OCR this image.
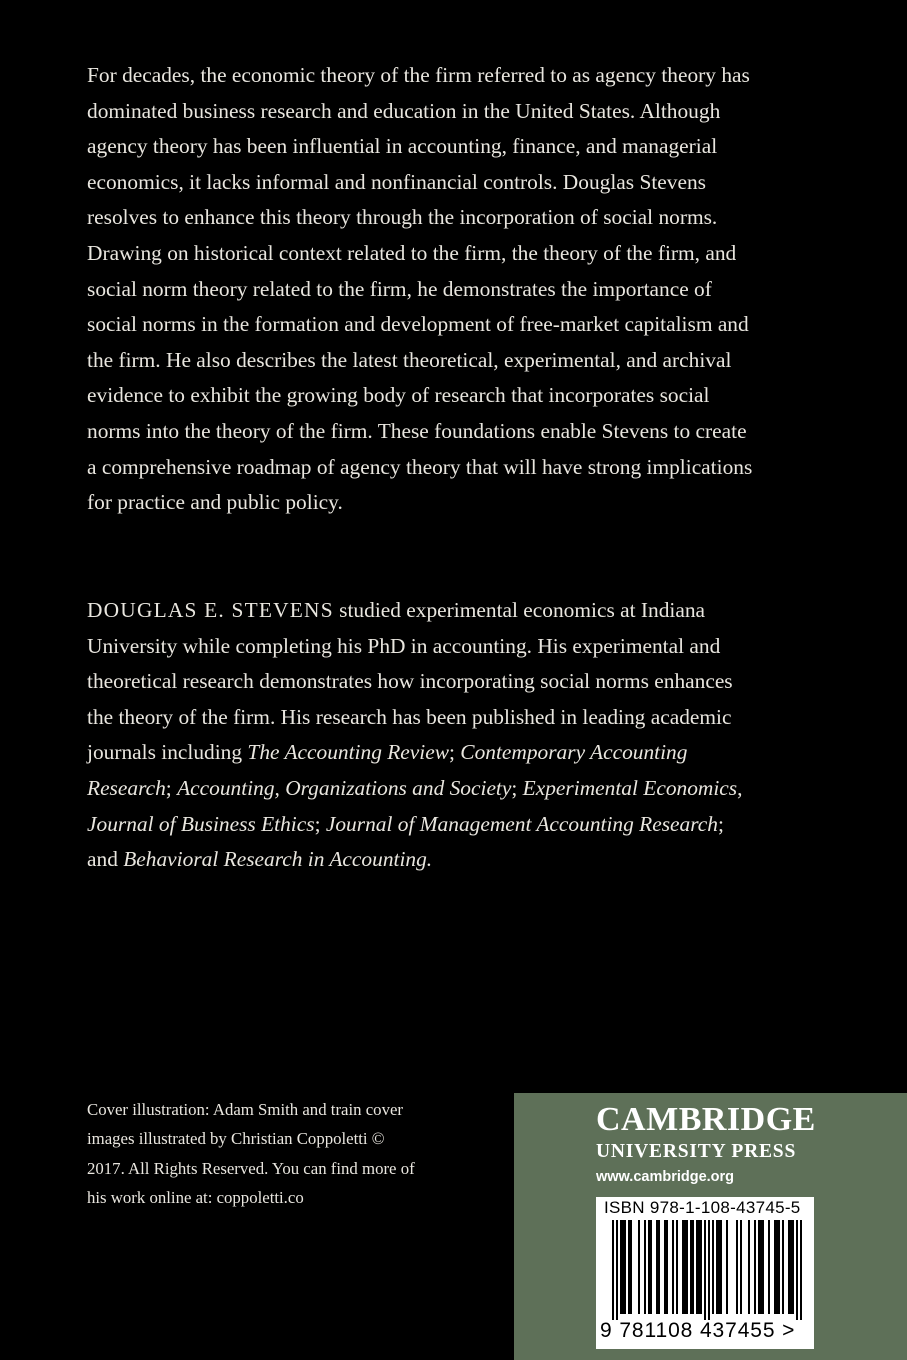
For decades, the economic theory of the firm referred to as agency theory has dominated business research and education in the United States. Although agency theory has been influential in accounting, finance, and managerial economics, it lacks informal and nonfinancial controls. Douglas Stevens resolves to enhance this theory through the incorporation of social norms. Drawing on historical context related to the firm, the theory of the firm, and social norm theory related to the firm, he demonstrates the importance of social norms in the formation and development of free-market capitalism and the firm. He also describes the latest theoretical, experimental, and archival evidence to exhibit the growing body of research that incorporates social norms into the theory of the firm. These foundations enable Stevens to create a comprehensive roadmap of agency theory that will have strong implications for practice and public policy.

DOUGLAS E. STEVENS studied experimental economics at Indiana University while completing his PhD in accounting. His experimental and theoretical research demonstrates how incorporating social norms enhances the theory of the firm. His research has been published in leading academic journals including The Accounting Review; Contemporary Accounting Research; Accounting, Organizations and Society; Experimental Economics, Journal of Business Ethics; Journal of Management Accounting Research; and Behavioral Research in Accounting.

Cover illustration: Adam Smith and train cover images illustrated by Christian Coppoletti © 2017. All Rights Reserved. You can find more of his work online at: coppoletti.co

CAMBRIDGE
UNIVERSITY PRESS
www.cambridge.org
ISBN 978-1-108-43745-5
9 781108 437455 >
